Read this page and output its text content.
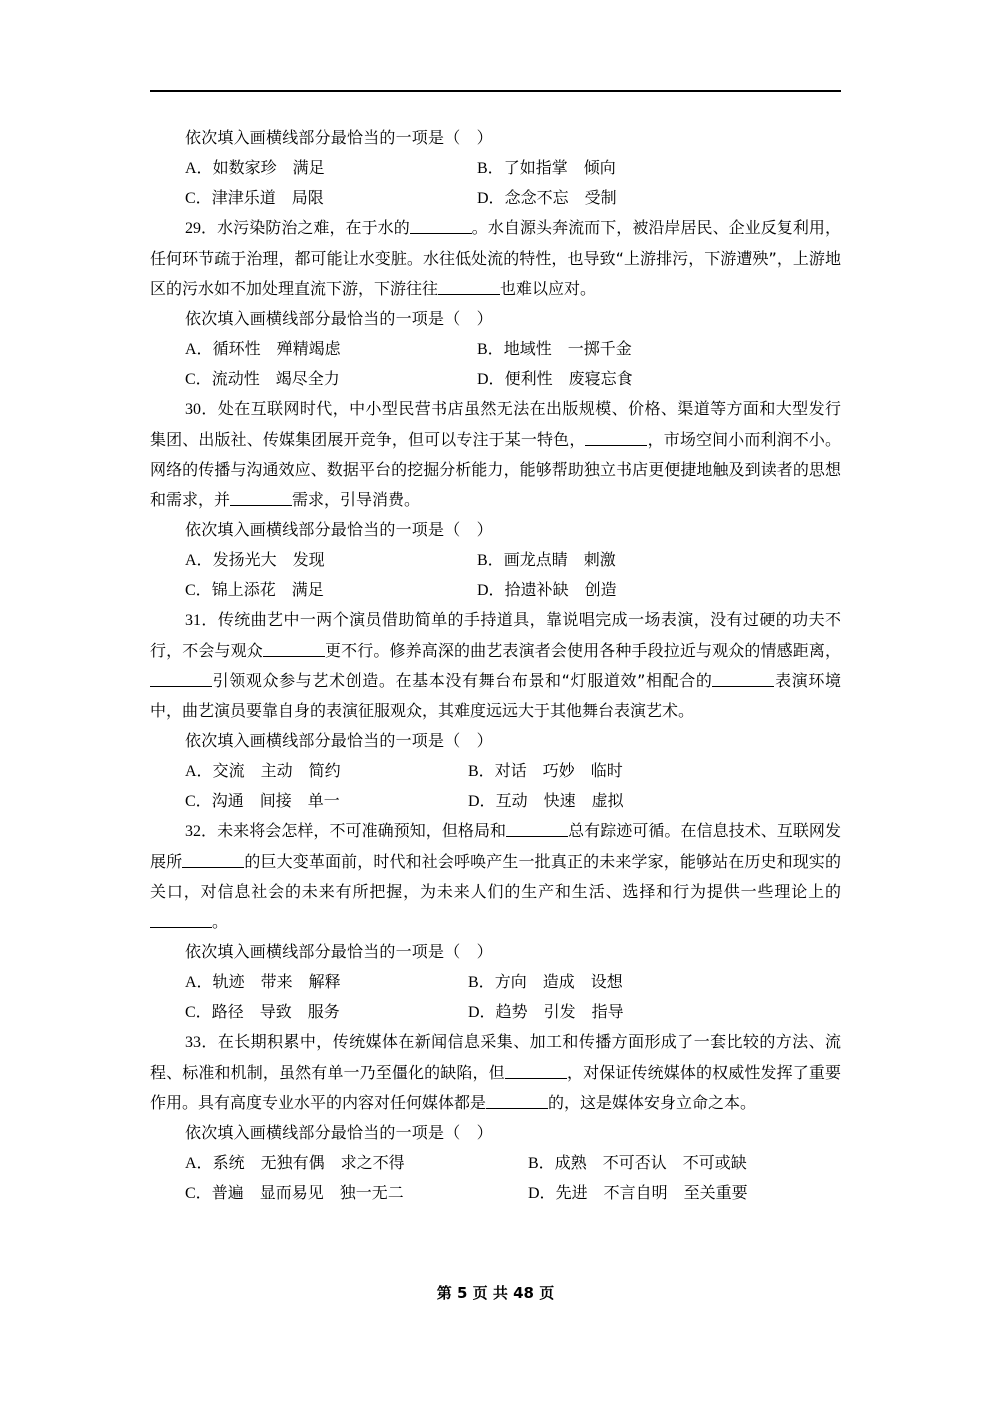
依次填入画横线部分最恰当的一项是（　）
A．如数家珍　满足	B．了如指掌　倾向
C．津津乐道　局限	D．念念不忘　受制
29．水污染防治之难，在于水的	。水自源头奔流而下，被沿岸居民、企业反复利用，任何环节疏于治理，都可能让水变脏。水往低处流的特性，也导致“上游排污，下游遭殃”，上游地区的污水如不加处理直流下游，下游往往	也难以应对。
依次填入画横线部分最恰当的一项是（　）
A．循环性　殚精竭虑	B．地域性　一掷千金
C．流动性　竭尽全力	D．便利性　废寝忘食
30．处在互联网时代，中小型民营书店虽然无法在出版规模、价格、渠道等方面和大型发行集团、出版社、传媒集团展开竞争，但可以专注于某一特色，	，市场空间小而利润不小。网络的传播与沟通效应、数据平台的挖掘分析能力，能够帮助独立书店更便捷地触及到读者的思想和需求，并	需求，引导消费。
依次填入画横线部分最恰当的一项是（　）
A．发扬光大　发现	B．画龙点睛　刺激
C．锦上添花　满足	D．拾遗补缺　创造
31．传统曲艺中一两个演员借助简单的手持道具，靠说唱完成一场表演，没有过硬的功夫不行，不会与观众	更不行。修养高深的曲艺表演者会使用各种手段拉近与观众的情感距离，引领观众参与艺术创造。在基本没有舞台布景和“灯服道效”相配合的	表演环境中，曲艺演员要靠自身的表演征服观众，其难度远远大于其他舞台表演艺术。
依次填入画横线部分最恰当的一项是（　）
A．交流　主动　简约	B．对话　巧妙　临时
C．沟通　间接　单一	D．互动　快速　虚拟
32．未来将会怎样，不可准确预知，但格局和	总有踪迹可循。在信息技术、互联网发展所	的巨大变革面前，时代和社会呼唤产生一批真正的未来学家，能够站在历史和现实的关口，对信息社会的未来有所把握，为未来人们的生产和生活、选择和行为提供一些理论上的。
依次填入画横线部分最恰当的一项是（　）
A．轨迹　带来　解释	B．方向　造成　设想
C．路径　导致　服务	D．趋势　引发　指导
33．在长期积累中，传统媒体在新闻信息采集、加工和传播方面形成了一套比较的方法、流程、标准和机制，虽然有单一乃至僵化的缺陷，但	，对保证传统媒体的权威性发挥了重要作用。具有高度专业水平的内容对任何媒体都是	的，这是媒体安身立命之本。
依次填入画横线部分最恰当的一项是（　）
A．系统　无独有偶　求之不得	B．成熟　不可否认　不可或缺
C．普遍　显而易见　独一无二	D．先进　不言自明　至关重要
第 5 页 共 48 页
